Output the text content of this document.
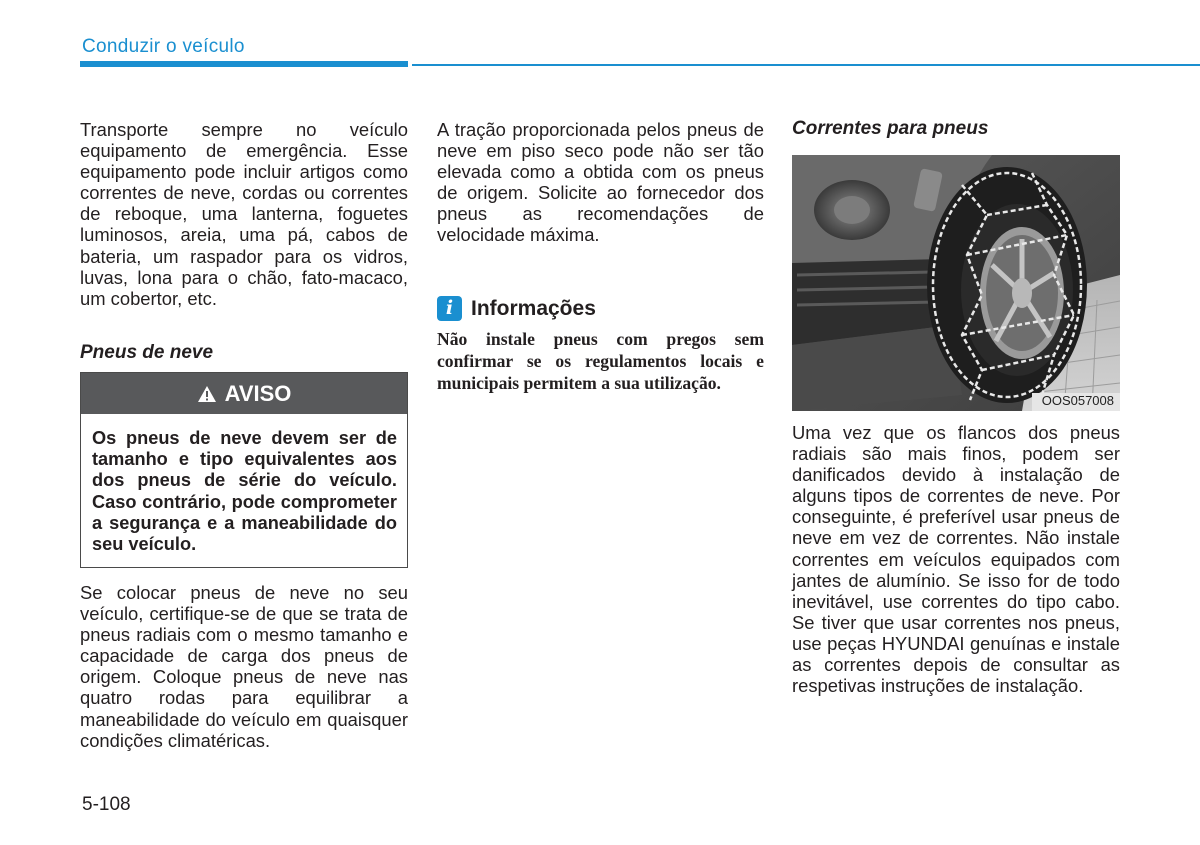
Conduzir o veículo

Transporte sempre no veículo equipamento de emergência. Esse equipamento pode incluir artigos como correntes de neve, cordas ou correntes de reboque, uma lanterna, foguetes luminosos, areia, uma pá, cabos de bateria, um raspador para os vidros, luvas, lona para o chão, fato-macaco, um cobertor, etc.

Pneus de neve
AVISO
Os pneus de neve devem ser de tamanho e tipo equivalentes aos dos pneus de série do veículo. Caso contrário, pode comprometer a segurança e a maneabilidade do seu veículo.

Se colocar pneus de neve no seu veículo, certifique-se de que se trata de pneus radiais com o mesmo tamanho e capacidade de carga dos pneus de origem. Coloque pneus de neve nas quatro rodas para equilibrar a maneabilidade do veículo em quaisquer condições climatéricas.

A tração proporcionada pelos pneus de neve em piso seco pode não ser tão elevada como a obtida com os pneus de origem. Solicite ao fornecedor dos pneus as recomendações de velocidade máxima.

i Informações

Não instale pneus com pregos sem confirmar se os regulamentos locais e municipais permitem a sua utilização.

Correntes para pneus
OOS057008

Uma vez que os flancos dos pneus radiais são mais finos, podem ser danificados devido à instalação de alguns tipos de correntes de neve. Por conseguinte, é preferível usar pneus de neve em vez de correntes. Não instale correntes em veículos equipados com jantes de alumínio. Se isso for de todo inevitável, use correntes do tipo cabo. Se tiver que usar correntes nos pneus, use peças HYUNDAI genuínas e instale as correntes depois de consultar as respetivas instruções de instalação.

5-108
